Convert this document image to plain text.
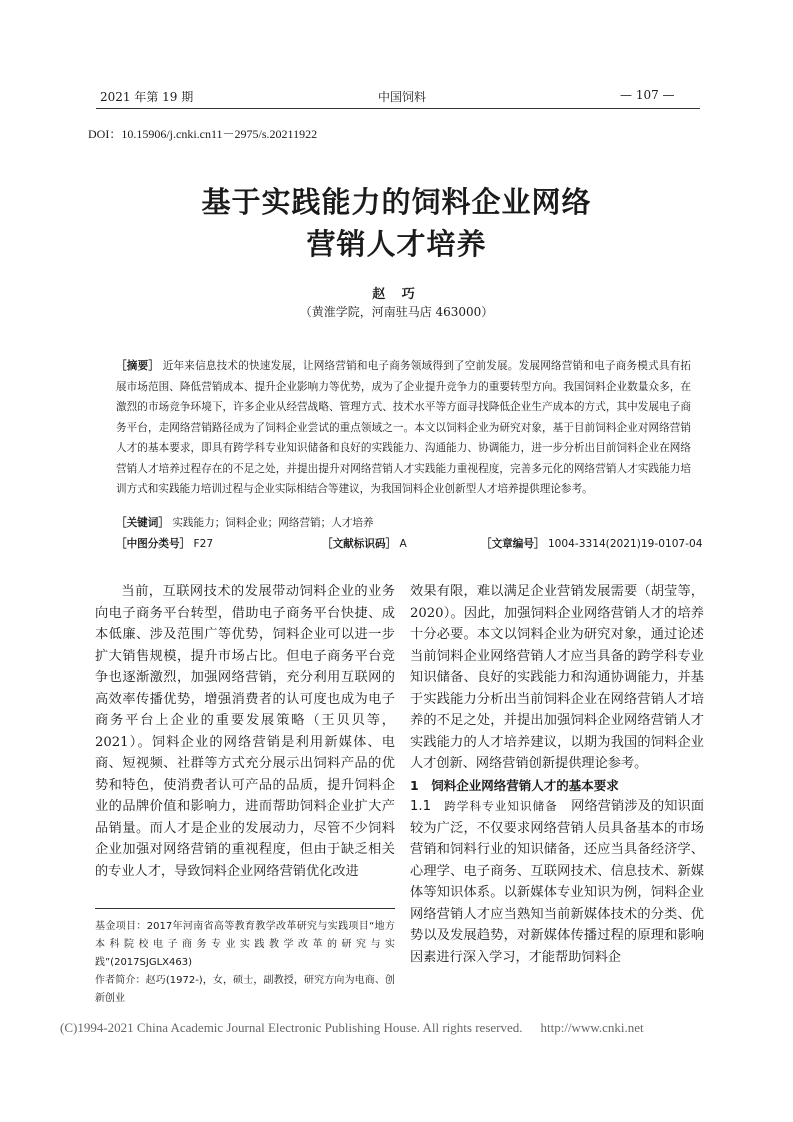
2021 年第 19 期	中国饲料	— 107 —
DOI：10.15906/j.cnki.cn11－2975/s.20211922
基于实践能力的饲料企业网络
营销人才培养
赵 巧
（黄淮学院，河南驻马店 463000）
［摘要］ 近年来信息技术的快速发展，让网络营销和电子商务领域得到了空前发展。发展网络营销和电子商务模式具有拓展市场范围、降低营销成本、提升企业影响力等优势，成为了企业提升竞争力的重要转型方向。我国饲料企业数量众多，在激烈的市场竞争环境下，许多企业从经营战略、管理方式、技术水平等方面寻找降低企业生产成本的方式，其中发展电子商务平台，走网络营销路径成为了饲料企业尝试的重点领域之一。本文以饲料企业为研究对象，基于目前饲料企业对网络营销人才的基本要求，即具有跨学科专业知识储备和良好的实践能力、沟通能力、协调能力，进一步分析出目前饲料企业在网络营销人才培养过程存在的不足之处，并提出提升对网络营销人才实践能力重视程度，完善多元化的网络营销人才实践能力培训方式和实践能力培训过程与企业实际相结合等建议，为我国饲料企业创新型人才培养提供理论参考。
［关键词］ 实践能力；饲料企业；网络营销；人才培养
［中图分类号］ F27	［文献标识码］ A	［文章编号］ 1004-3314(2021)19-0107-04
当前，互联网技术的发展带动饲料企业的业务向电子商务平台转型，借助电子商务平台快捷、成本低廉、涉及范围广等优势，饲料企业可以进一步扩大销售规模，提升市场占比。但电子商务平台竞争也逐渐激烈，加强网络营销，充分利用互联网的高效率传播优势，增强消费者的认可度也成为电子商务平台上企业的重要发展策略（王贝贝等，2021）。饲料企业的网络营销是利用新媒体、电商、短视频、社群等方式充分展示出饲料产品的优势和特色，使消费者认可产品的品质，提升饲料企业的品牌价值和影响力，进而帮助饲料企业扩大产品销量。而人才是企业的发展动力，尽管不少饲料企业加强对网络营销的重视程度，但由于缺乏相关的专业人才，导致饲料企业网络营销优化改进

效果有限，难以满足企业营销发展需要（胡莹等，2020）。因此，加强饲料企业网络营销人才的培养十分必要。本文以饲料企业为研究对象，通过论述当前饲料企业网络营销人才应当具备的跨学科专业知识储备、良好的实践能力和沟通协调能力，并基于实践能力分析出当前饲料企业在网络营销人才培养的不足之处，并提出加强饲料企业网络营销人才实践能力的人才培养建议，以期为我国的饲料企业人才创新、网络营销创新提供理论参考。

1　饲料企业网络营销人才的基本要求

1.1　跨学科专业知识储备　 网络营销涉及的知识面较为广泛，不仅要求网络营销人员具备基本的市场营销和饲料行业的知识储备，还应当具备经济学、心理学、电子商务、互联网技术、信息技术、新媒体等知识体系。以新媒体专业知识为例，饲料企业网络营销人才应当熟知当前新媒体技术的分类、优势以及发展趋势，对新媒体传播过程的原理和影响因素进行深入学习，才能帮助饲料企

基金项目：2017年河南省高等教育教学改革研究与实践项目“地方本科院校电子商务专业实践教学改革的研究与实践”(2017SJGLX463)

作者简介：赵巧(1972-)，女，硕士，副教授，研究方向为电商、创新创业

(C)1994-2021 China Academic Journal Electronic Publishing House. All rights reserved. http://www.cnki.net
